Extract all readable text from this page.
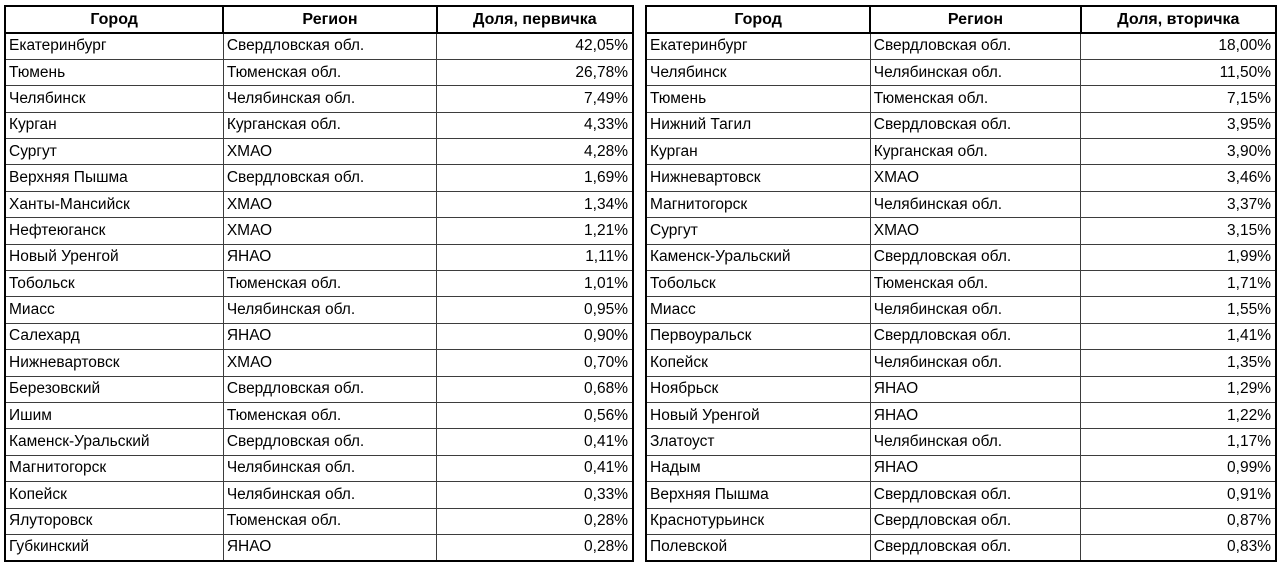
Город	Регион	Доля, первичка
Екатеринбург	Свердловская обл.	42,05%
Тюмень	Тюменская обл.	26,78%
Челябинск	Челябинская обл.	7,49%
Курган	Курганская обл.	4,33%
Сургут	ХМАО	4,28%
Верхняя Пышма	Свердловская обл.	1,69%
Ханты-Мансийск	ХМАО	1,34%
Нефтеюганск	ХМАО	1,21%
Новый Уренгой	ЯНАО	1,11%
Тобольск	Тюменская обл.	1,01%
Миасс	Челябинская обл.	0,95%
Салехард	ЯНАО	0,90%
Нижневартовск	ХМАО	0,70%
Березовский	Свердловская обл.	0,68%
Ишим	Тюменская обл.	0,56%
Каменск-Уральский	Свердловская обл.	0,41%
Магнитогорск	Челябинская обл.	0,41%
Копейск	Челябинская обл.	0,33%
Ялуторовск	Тюменская обл.	0,28%
Губкинский	ЯНАО	0,28%
Город	Регион	Доля, вторичка
Екатеринбург	Свердловская обл.	18,00%
Челябинск	Челябинская обл.	11,50%
Тюмень	Тюменская обл.	7,15%
Нижний Тагил	Свердловская обл.	3,95%
Курган	Курганская обл.	3,90%
Нижневартовск	ХМАО	3,46%
Магнитогорск	Челябинская обл.	3,37%
Сургут	ХМАО	3,15%
Каменск-Уральский	Свердловская обл.	1,99%
Тобольск	Тюменская обл.	1,71%
Миасс	Челябинская обл.	1,55%
Первоуральск	Свердловская обл.	1,41%
Копейск	Челябинская обл.	1,35%
Ноябрьск	ЯНАО	1,29%
Новый Уренгой	ЯНАО	1,22%
Златоуст	Челябинская обл.	1,17%
Надым	ЯНАО	0,99%
Верхняя Пышма	Свердловская обл.	0,91%
Краснотурьинск	Свердловская обл.	0,87%
Полевской	Свердловская обл.	0,83%
